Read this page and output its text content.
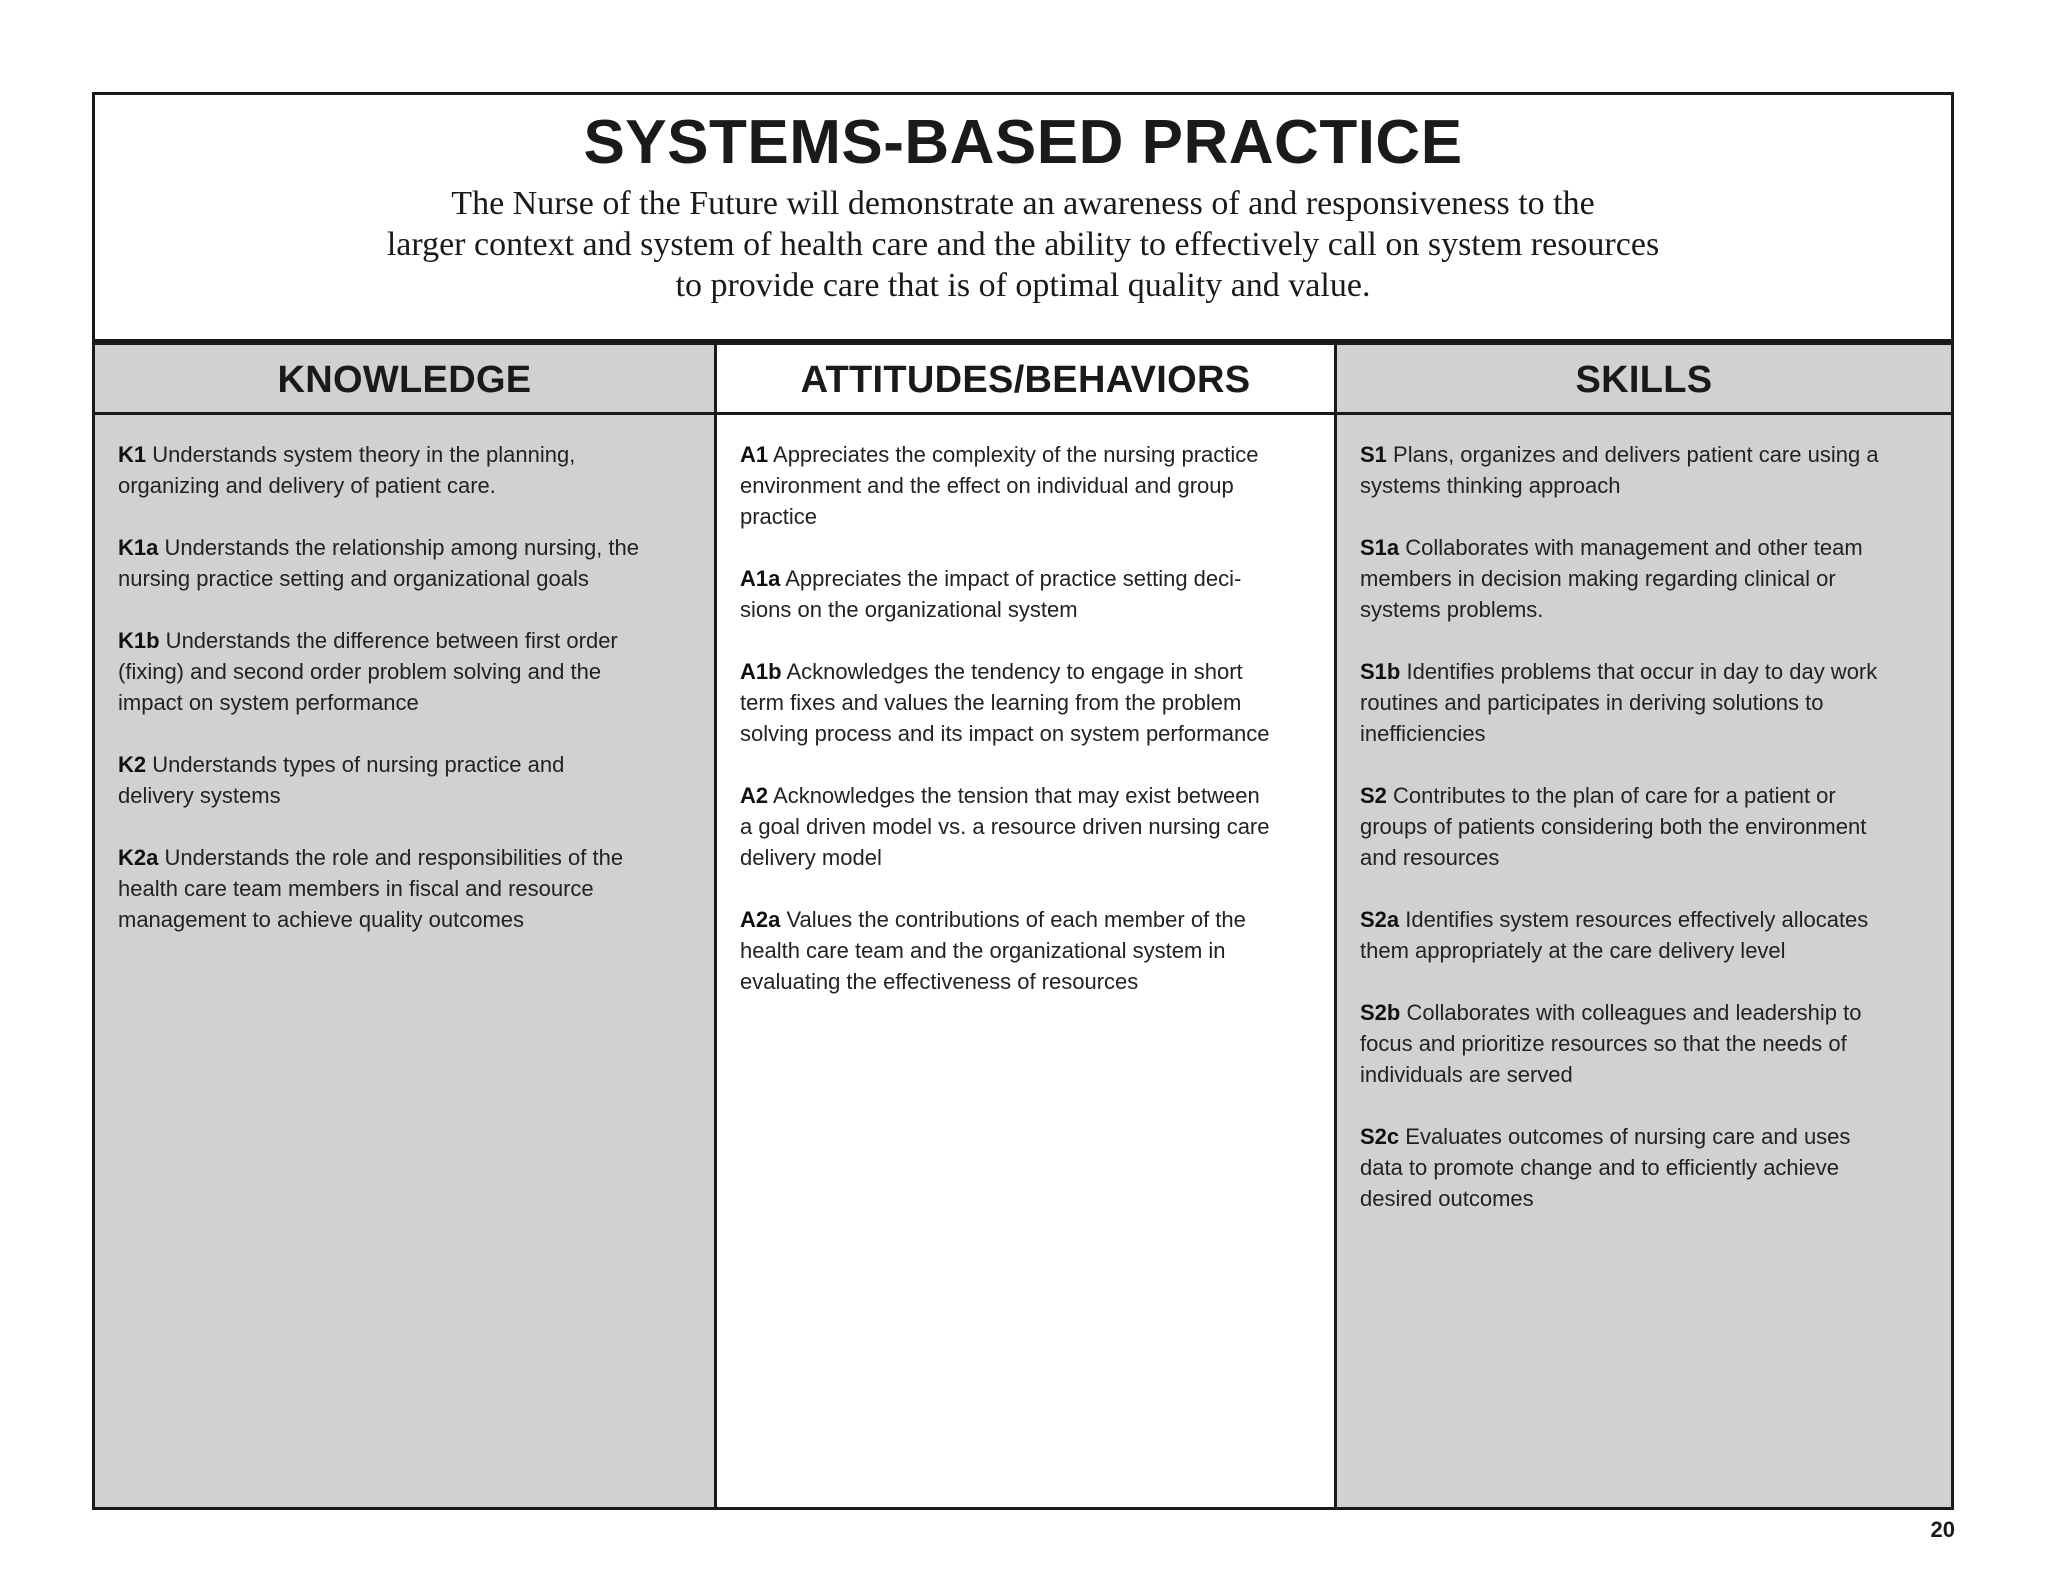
SYSTEMS-BASED PRACTICE
The Nurse of the Future will demonstrate an awareness of and responsiveness to the
larger context and system of health care and the ability to effectively call on system resources
to provide care that is of optimal quality and value.
KNOWLEDGE
K1 Understands system theory in the planning,
organizing and delivery of patient care.
K1a Understands the relationship among nursing, the
nursing practice setting and organizational goals
K1b Understands the difference between first order
(fixing) and second order problem solving and the
impact on system performance
K2 Understands types of nursing practice and
delivery systems
K2a Understands the role and responsibilities of the
health care team members in fiscal and resource
management to achieve quality outcomes
ATTITUDES/BEHAVIORS
A1 Appreciates the complexity of the nursing practice
environment and the effect on individual and group
practice
A1a Appreciates the impact of practice setting deci-
sions on the organizational system
A1b Acknowledges the tendency to engage in short
term fixes and values the learning from the problem
solving process and its impact on system performance
A2 Acknowledges the tension that may exist between
a goal driven model vs. a resource driven nursing care
delivery model
A2a Values the contributions of each member of the
health care team and the organizational system in
evaluating the effectiveness of resources
SKILLS
S1 Plans, organizes and delivers patient care using a
systems thinking approach
S1a Collaborates with management and other team
members in decision making regarding clinical or
systems problems.
S1b Identifies problems that occur in day to day work
routines and participates in deriving solutions to
inefficiencies
S2 Contributes to the plan of care for a patient or
groups of patients considering both the environment
and resources
S2a Identifies system resources effectively allocates
them appropriately at the care delivery level
S2b Collaborates with colleagues and leadership to
focus and prioritize resources so that the needs of
individuals are served
S2c Evaluates outcomes of nursing care and uses
data to promote change and to efficiently achieve
desired outcomes
20
